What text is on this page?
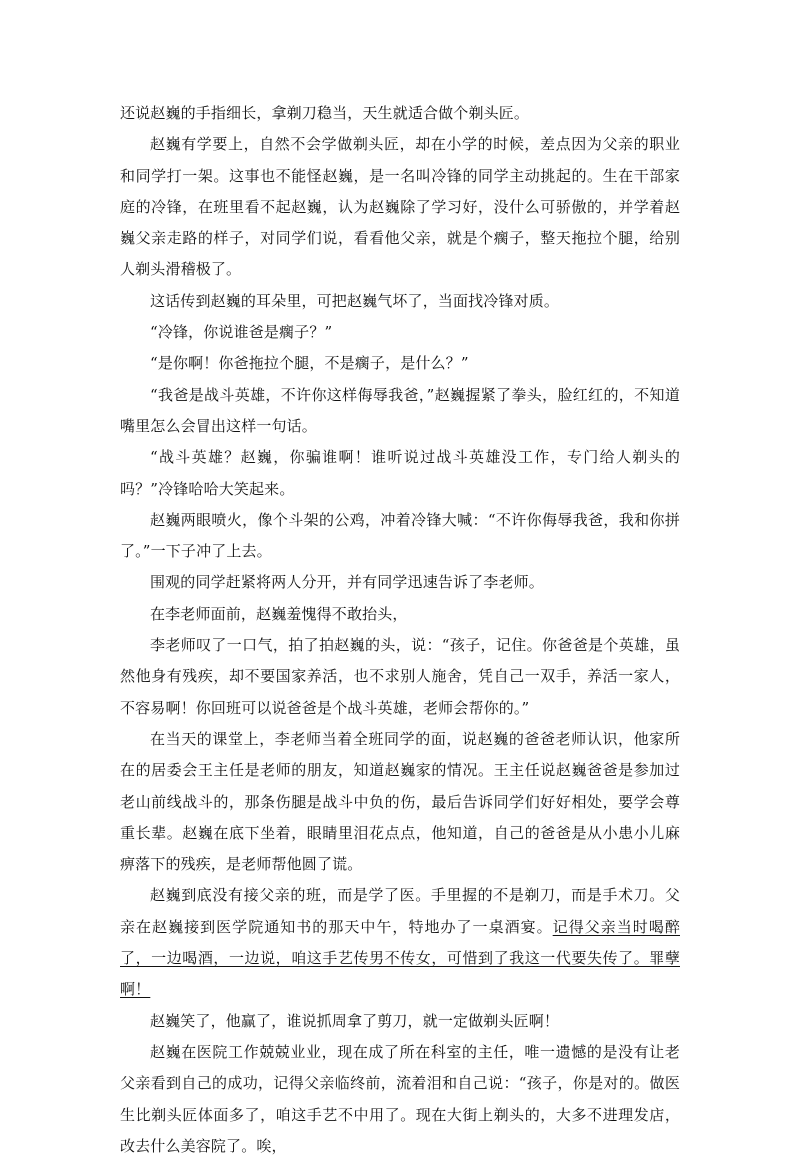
还说赵巍的手指细长，拿剃刀稳当，天生就适合做个剃头匠。

赵巍有学要上，自然不会学做剃头匠，却在小学的时候，差点因为父亲的职业和同学打一架。这事也不能怪赵巍，是一名叫冷锋的同学主动挑起的。生在干部家庭的冷锋，在班里看不起赵巍，认为赵巍除了学习好，没什么可骄傲的，并学着赵巍父亲走路的样子，对同学们说，看看他父亲，就是个瘸子，整天拖拉个腿，给别人剃头滑稽极了。

这话传到赵巍的耳朵里，可把赵巍气坏了，当面找冷锋对质。

“冷锋，你说谁爸是瘸子？”

“是你啊！你爸拖拉个腿，不是瘸子，是什么？”

“我爸是战斗英雄，不许你这样侮辱我爸，”赵巍握紧了拳头，脸红红的，不知道嘴里怎么会冒出这样一句话。

“战斗英雄？赵巍，你骗谁啊！谁听说过战斗英雄没工作，专门给人剃头的吗？”冷锋哈哈大笑起来。

赵巍两眼喷火，像个斗架的公鸡，冲着冷锋大喊：“不许你侮辱我爸，我和你拼了。”一下子冲了上去。

围观的同学赶紧将两人分开，并有同学迅速告诉了李老师。

在李老师面前，赵巍羞愧得不敢抬头，

李老师叹了一口气，拍了拍赵巍的头，说：“孩子，记住。你爸爸是个英雄，虽然他身有残疾，却不要国家养活，也不求别人施舍，凭自己一双手，养活一家人，不容易啊！你回班可以说爸爸是个战斗英雄，老师会帮你的。”

在当天的课堂上，李老师当着全班同学的面，说赵巍的爸爸老师认识，他家所在的居委会王主任是老师的朋友，知道赵巍家的情况。王主任说赵巍爸爸是参加过老山前线战斗的，那条伤腿是战斗中负的伤，最后告诉同学们好好相处，要学会尊重长辈。赵巍在底下坐着，眼睛里泪花点点，他知道，自己的爸爸是从小患小儿麻痹落下的残疾，是老师帮他圆了谎。

赵巍到底没有接父亲的班，而是学了医。手里握的不是剃刀，而是手术刀。父亲在赵巍接到医学院通知书的那天中午，特地办了一桌酒宴。记得父亲当时喝醉了，一边喝酒，一边说，咱这手艺传男不传女，可惜到了我这一代要失传了。罪孽啊！

赵巍笑了，他赢了，谁说抓周拿了剪刀，就一定做剃头匠啊！

赵巍在医院工作兢兢业业，现在成了所在科室的主任，唯一遗憾的是没有让老父亲看到自己的成功，记得父亲临终前，流着泪和自己说：“孩子，你是对的。做医生比剃头匠体面多了，咱这手艺不中用了。现在大街上剃头的，大多不进理发店，改去什么美容院了。唉，
